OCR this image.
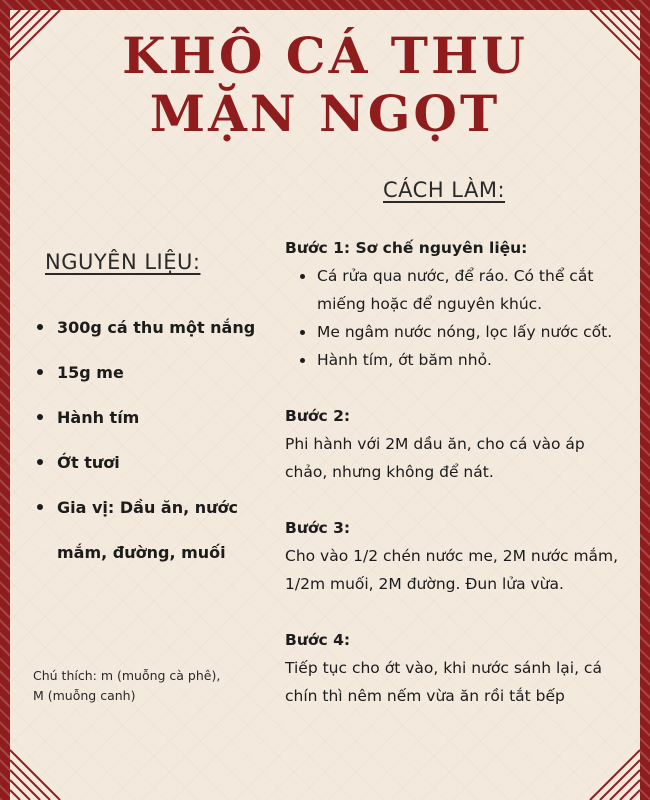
KHÔ CÁ THU
MẶN NGỌT
NGUYÊN LIỆU:
300g cá thu một nắng
15g me
Hành tím
Ớt tươi
Gia vị: Dầu ăn, nước mắm, đường, muối
Chú thích: m (muỗng cà phê), M (muỗng canh)
CÁCH LÀM:
Bước 1: Sơ chế nguyên liệu:
Cá rửa qua nước, để ráo. Có thể cắt miếng hoặc để nguyên khúc.
Me ngâm nước nóng, lọc lấy nước cốt.
Hành tím, ớt băm nhỏ.
Bước 2:
Phi hành với 2M dầu ăn, cho cá vào áp chảo, nhưng không để nát.
Bước 3:
Cho vào 1/2 chén nước me, 2M nước mắm, 1/2m muối, 2M đường. Đun lửa vừa.
Bước 4:
Tiếp tục cho ớt vào, khi nước sánh lại, cá chín thì nêm nếm vừa ăn rồi tắt bếp
